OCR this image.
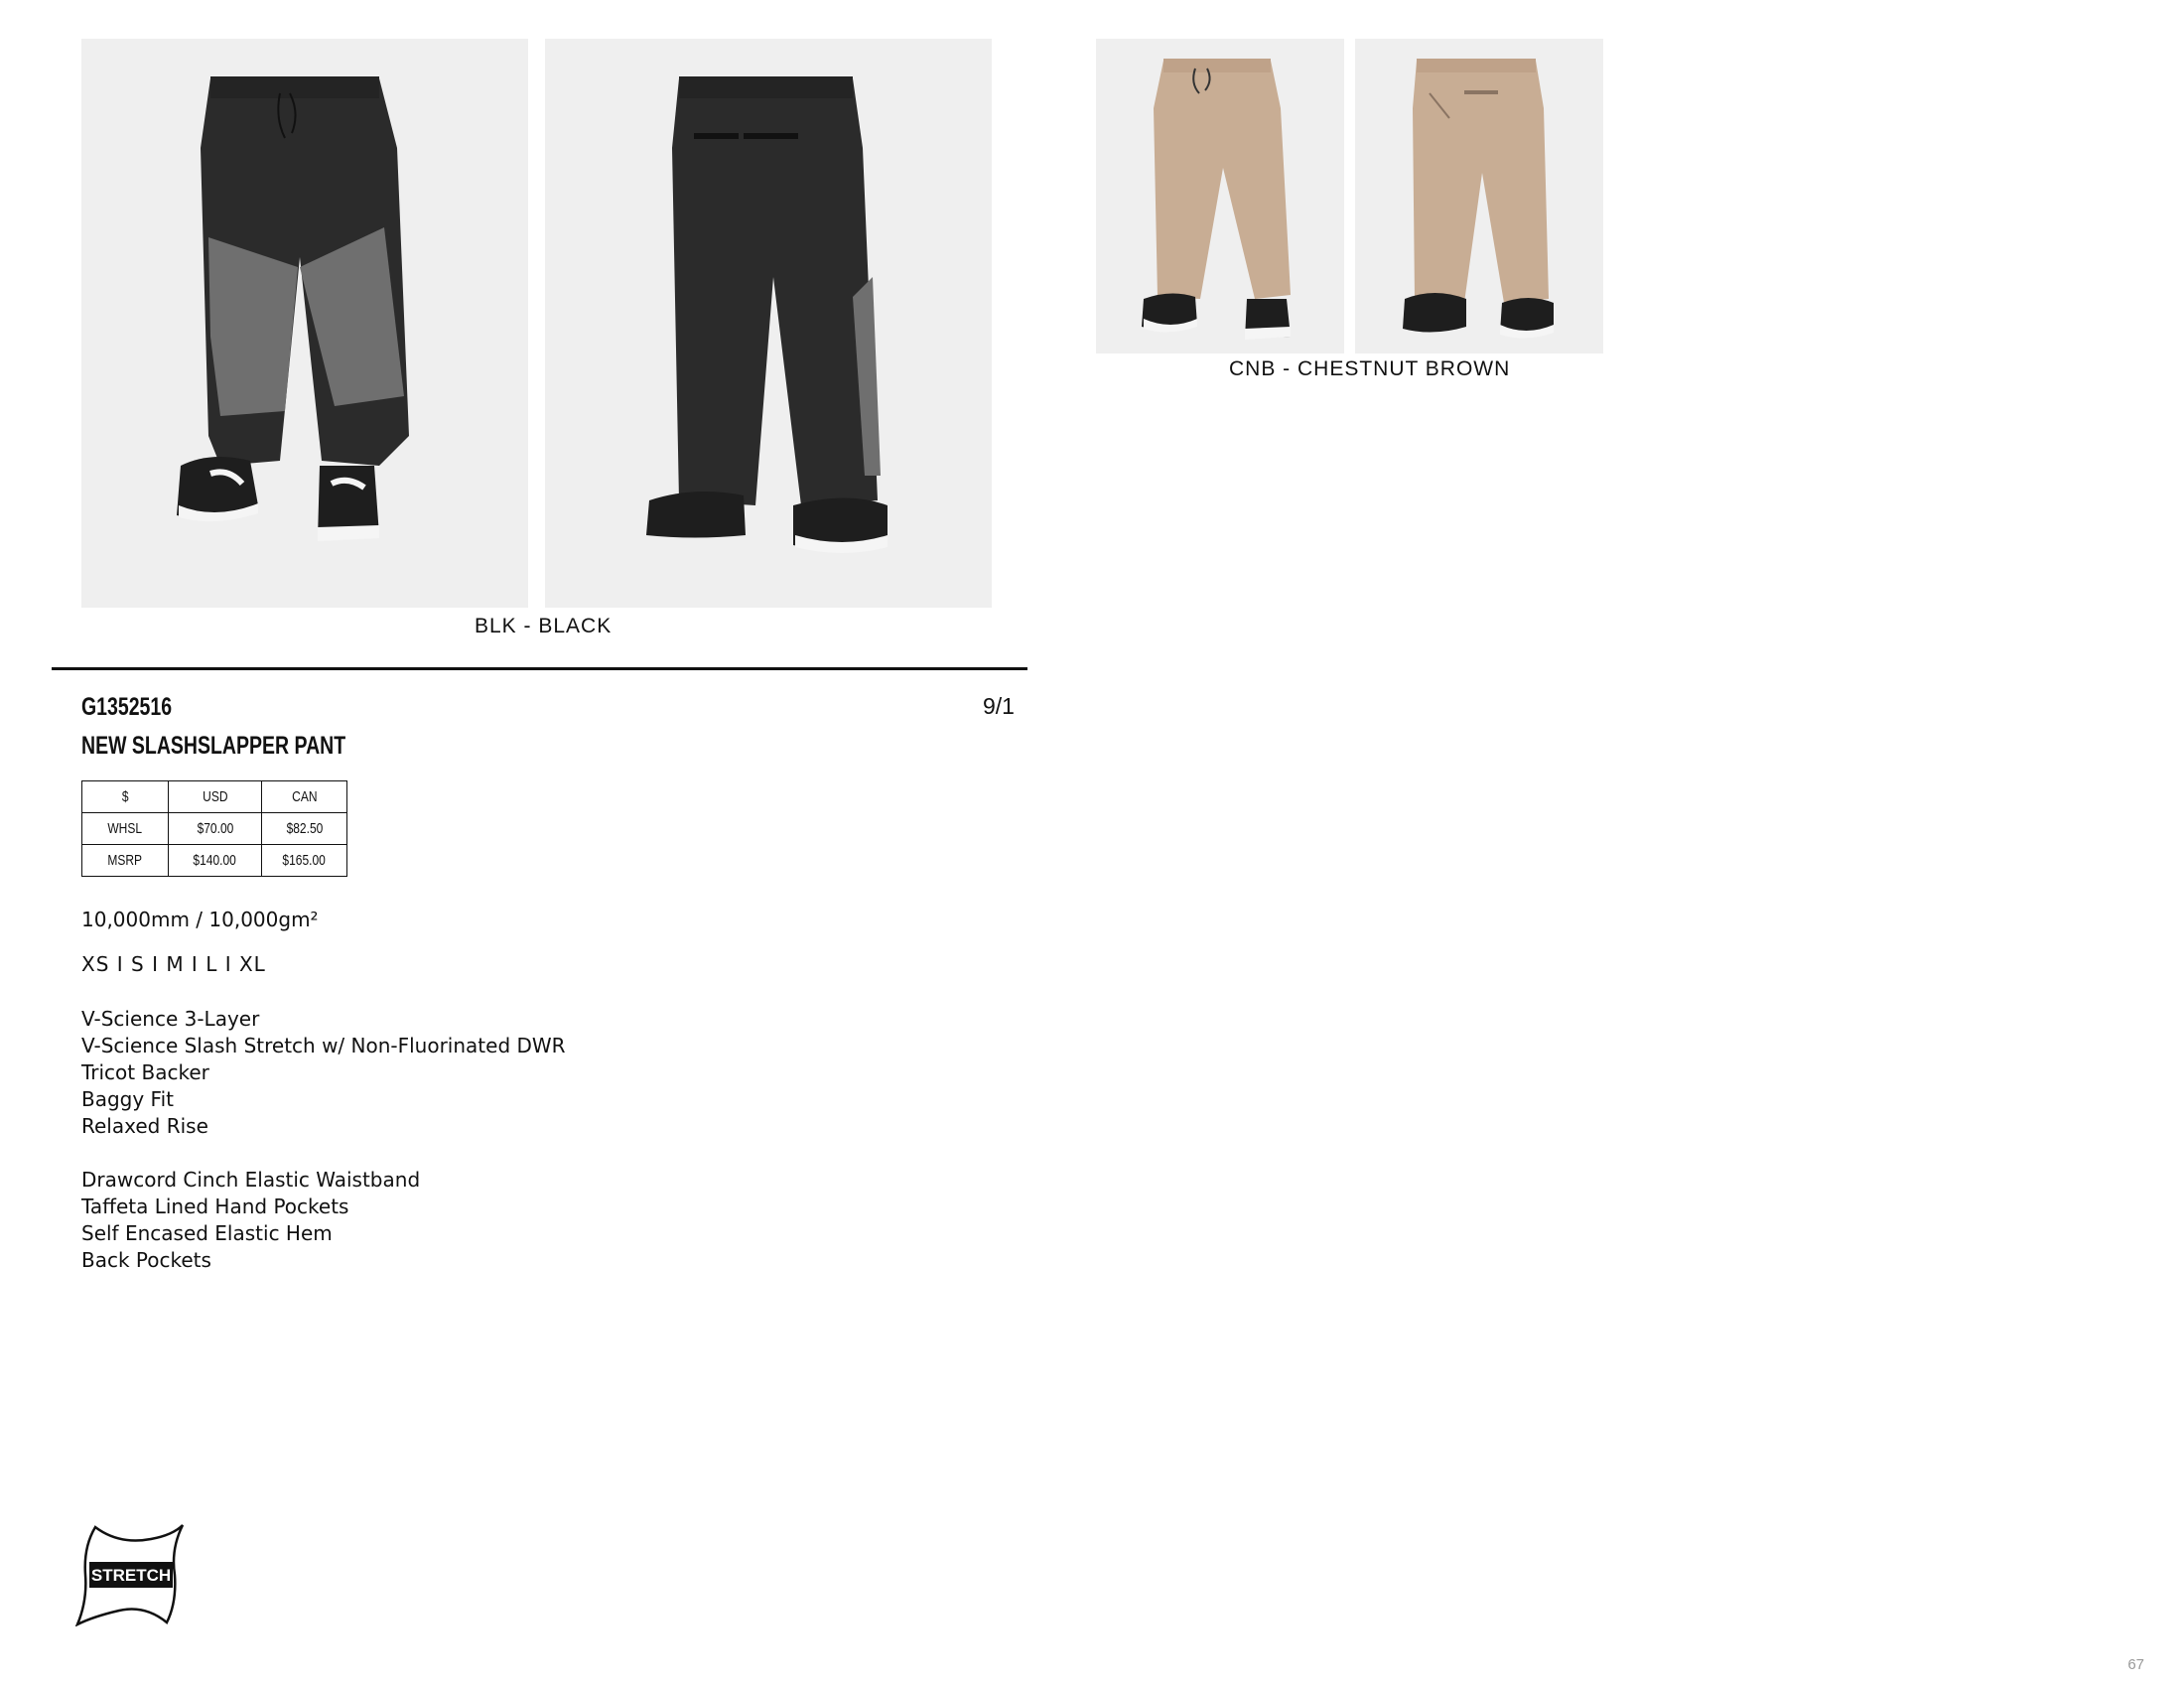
BLK - BLACK
CNB - CHESTNUT BROWN
G1352516	9/1
NEW SLASHSLAPPER PANT
$	USD	CAN
WHSL	$70.00	$82.50
MSRP	$140.00	$165.00
10,000mm / 10,000gm²
XS I S I M I L I XL
V-Science 3-Layer
V-Science Slash Stretch w/ Non-Fluorinated DWR
Tricot Backer
Baggy Fit
Relaxed Rise
Drawcord Cinch Elastic Waistband
Taffeta Lined Hand Pockets
Self Encased Elastic Hem
Back Pockets
STRETCH
67
